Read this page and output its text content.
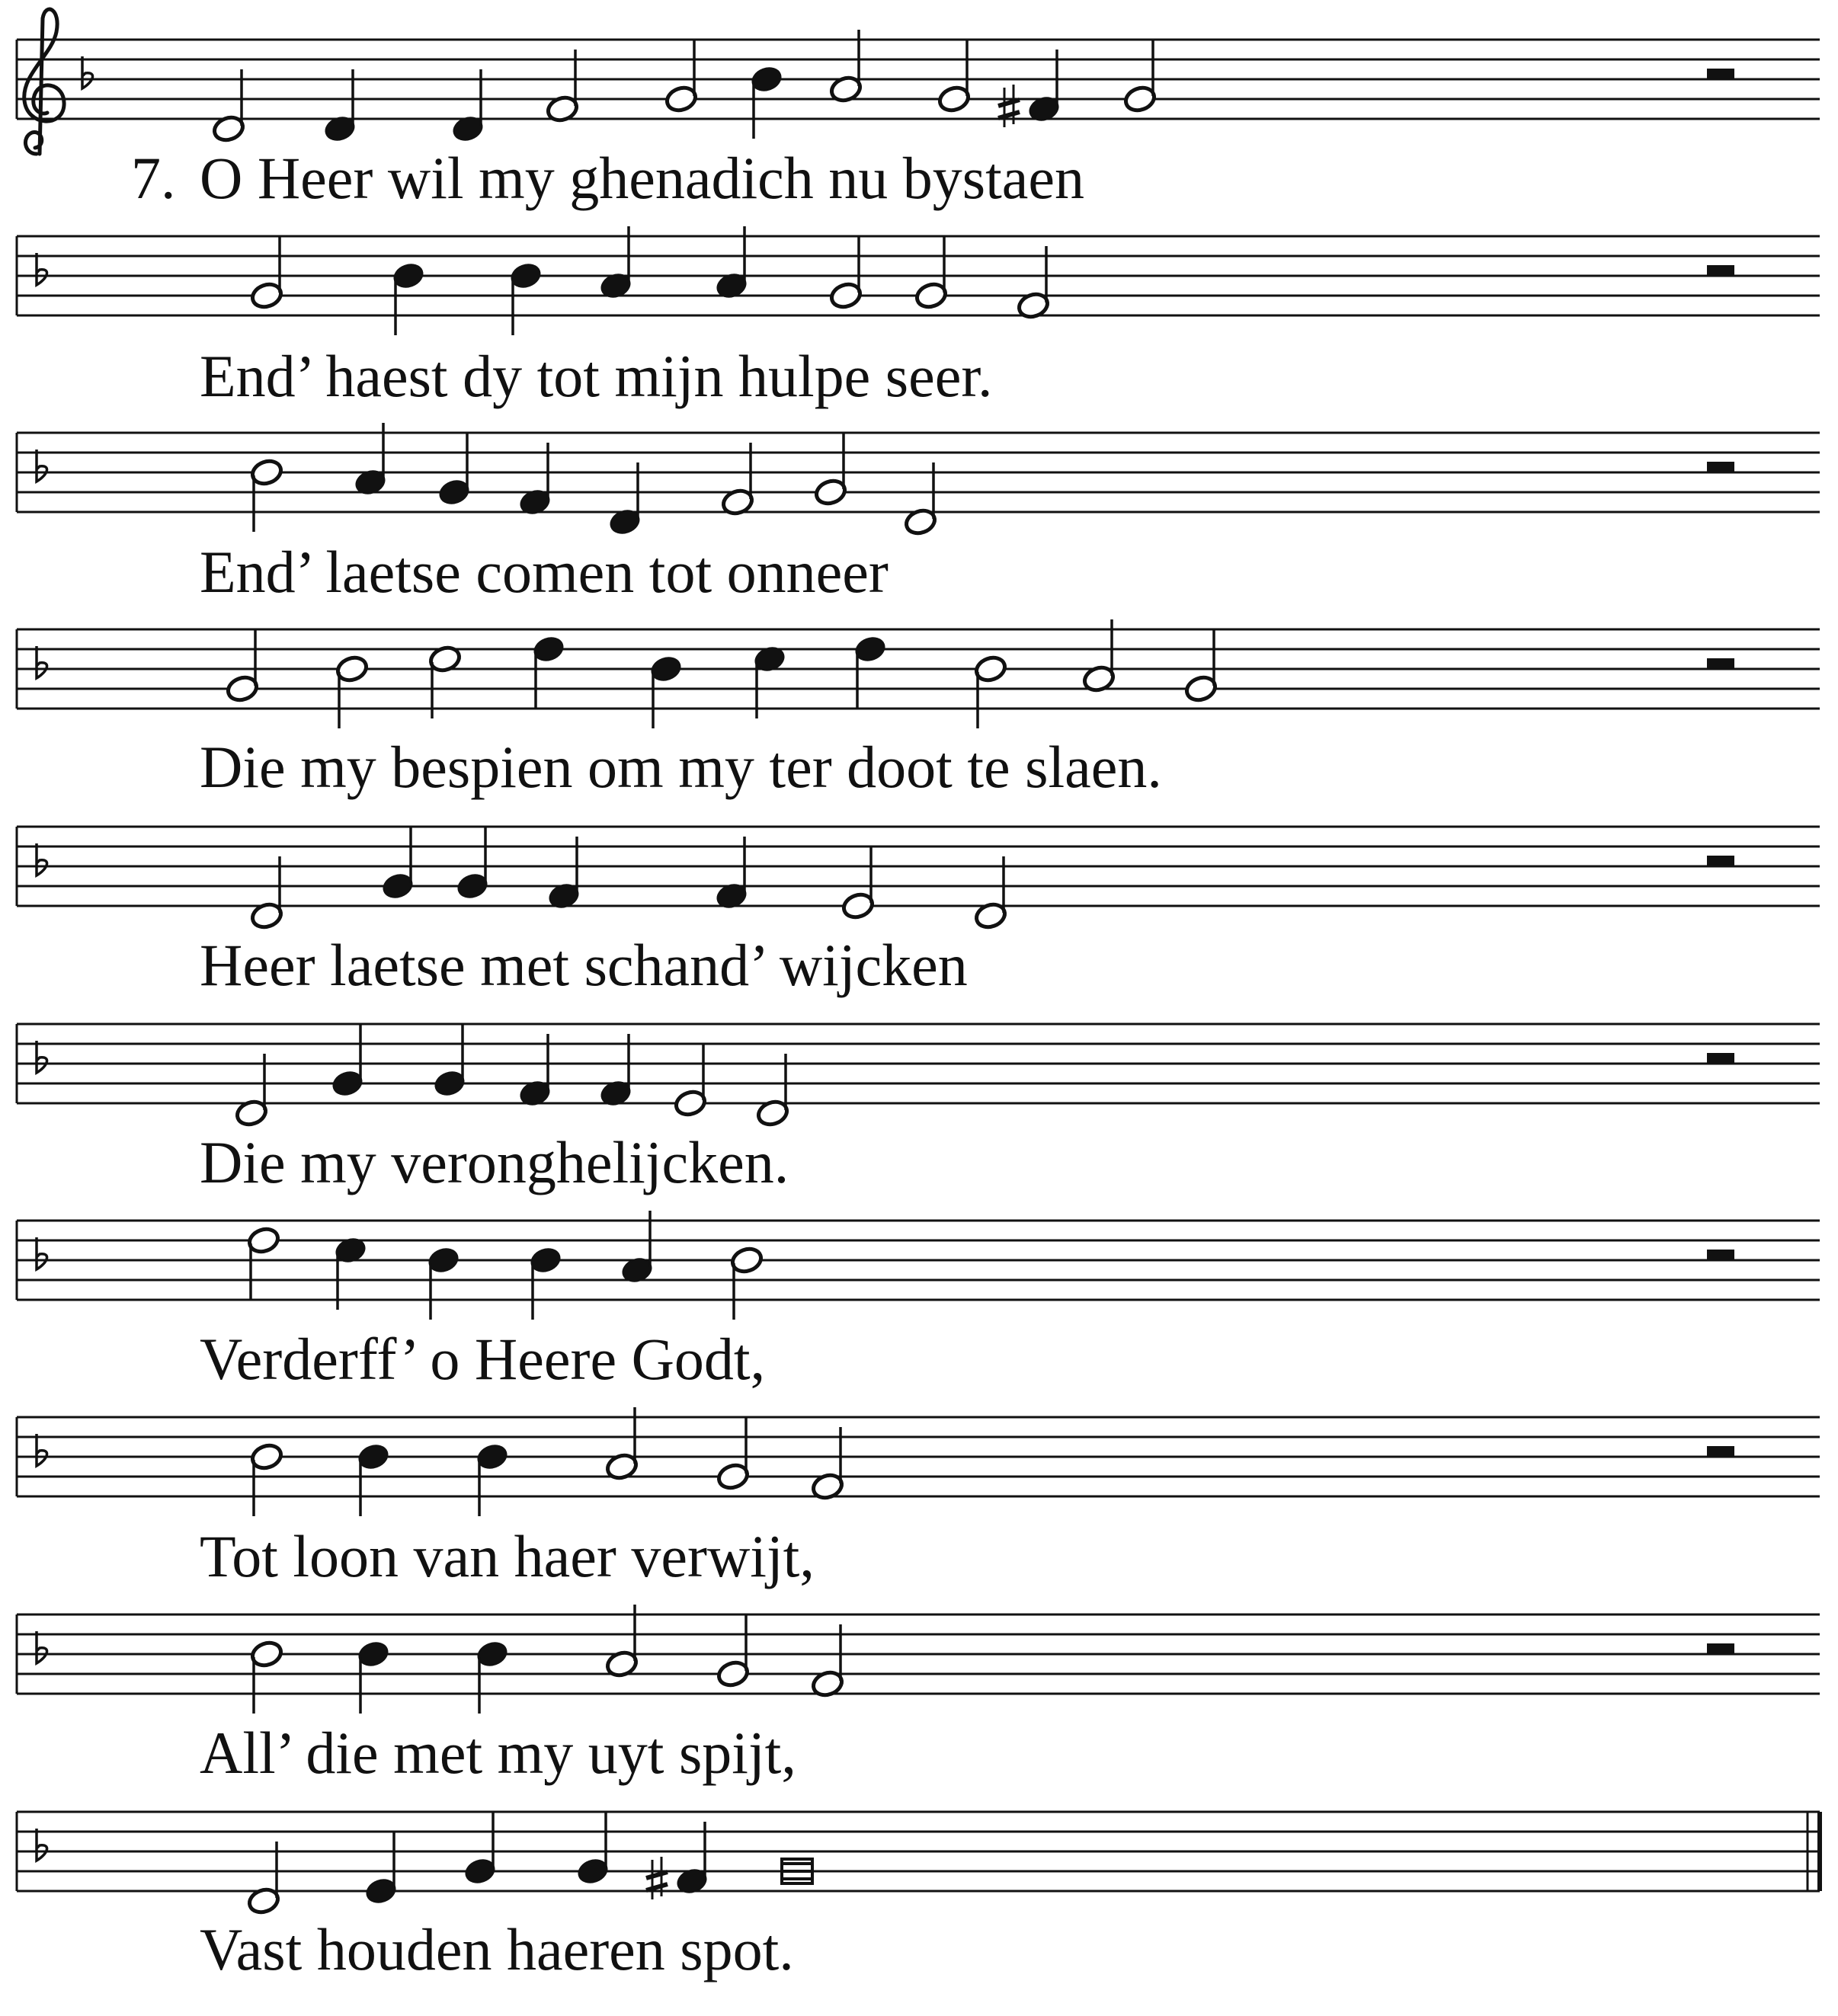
O Heer wil my ghenadich nu bystaen
End’ haest dy tot mijn hulpe seer.
End’ laetse comen tot onneer
Die my bespien om my ter doot te slaen.
Heer laetse met schand’ wijcken
Die my veronghelijcken.
Verderff’ o Heere Godt,
Tot loon van haer verwijt,
All’ die met my uyt spijt,
Vast houden haeren spot.
7.
